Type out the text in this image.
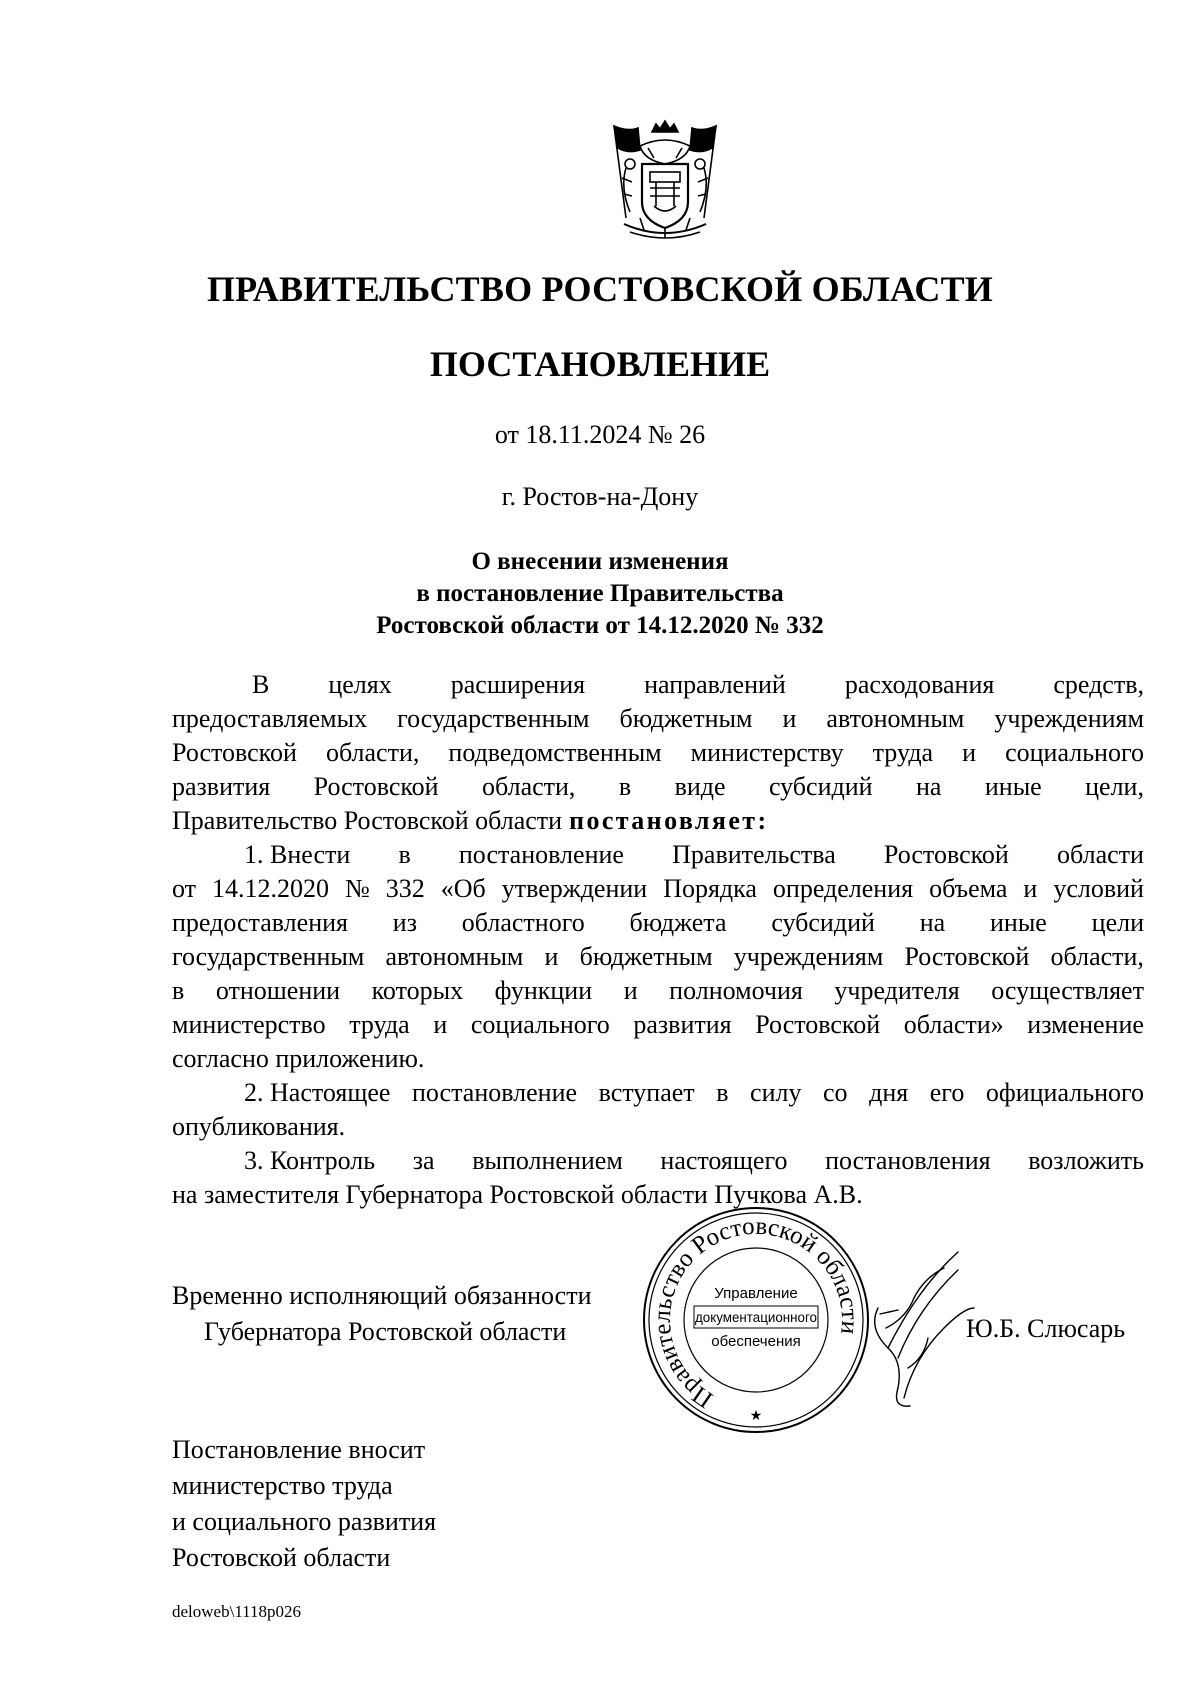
ПРАВИТЕЛЬСТВО РОСТОВСКОЙ ОБЛАСТИ
ПОСТАНОВЛЕНИЕ
от 18.11.2024 № 26
г. Ростов-на-Дону
О внесении изменения
в постановление Правительства
Ростовской области от 14.12.2020 № 332
В целях расширения направлений расходования средств,
предоставляемых государственным бюджетным и автономным учреждениям
Ростовской области, подведомственным министерству труда и социального
развития Ростовской области, в виде субсидий на иные цели,
Правительство Ростовской области постановляет:
1. Внести в постановление Правительства Ростовской области
от 14.12.2020 № 332 «Об утверждении Порядка определения объема и условий
предоставления из областного бюджета субсидий на иные цели
государственным автономным и бюджетным учреждениям Ростовской области,
в отношении которых функции и полномочия учредителя осуществляет
министерство труда и социального развития Ростовской области» изменение
согласно приложению.
2. Настоящее постановление вступает в силу со дня его официального
опубликования.
3. Контроль за выполнением настоящего постановления возложить
на заместителя Губернатора Ростовской области Пучкова А.В.
Временно исполняющий обязанности
Губернатора Ростовской области
Правительство Ростовской области
Управление
документационного
обеспечения
★
Ю.Б. Слюсарь
Постановление вносит
министерство труда
и социального развития
Ростовской области
deloweb\1118p026
